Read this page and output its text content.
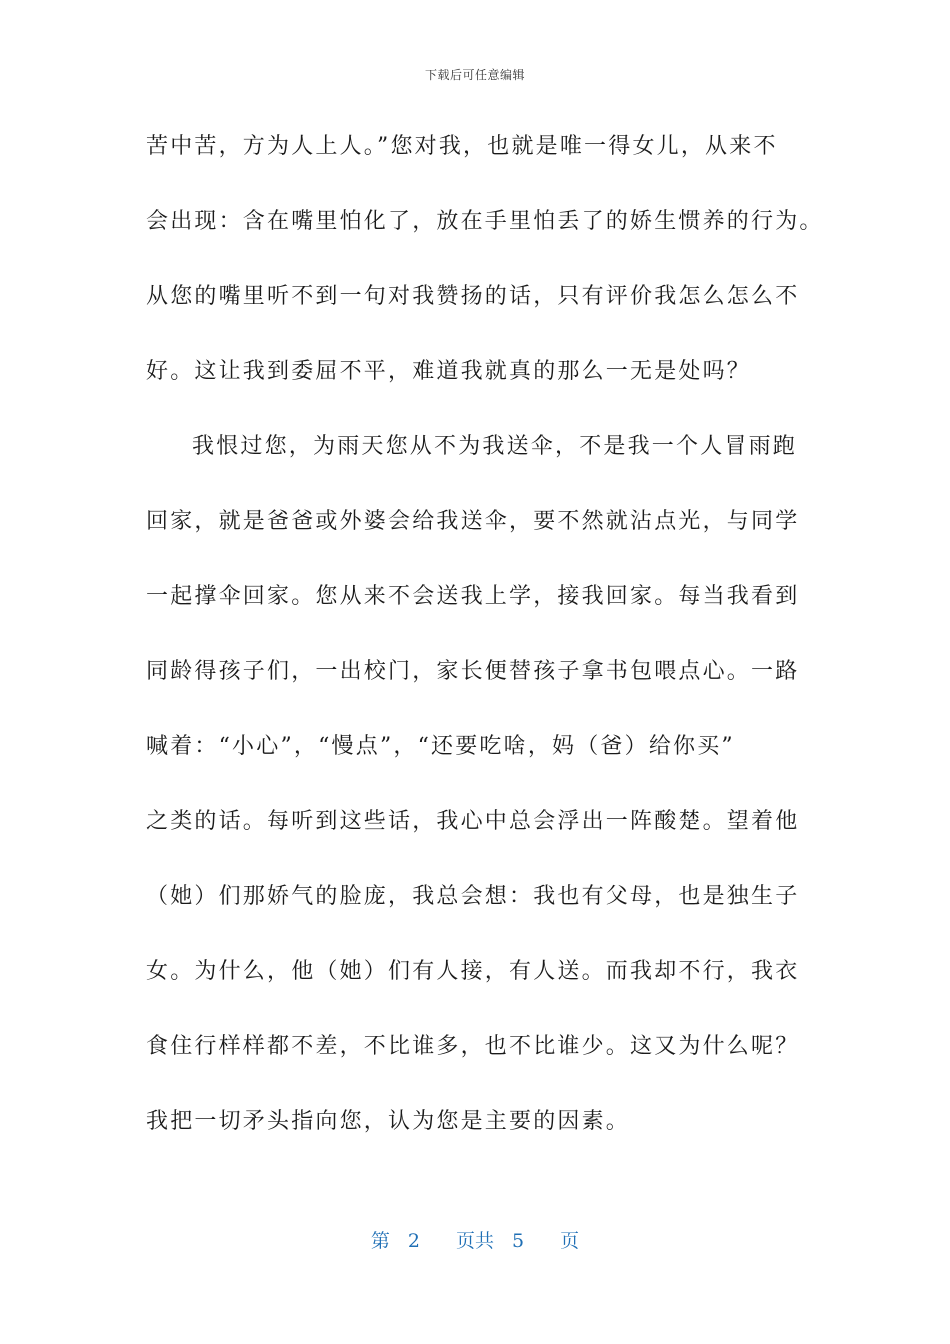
下载后可任意编辑
苦中苦，方为人上人。”您对我，也就是唯一得女儿，从来不
会出现：含在嘴里怕化了，放在手里怕丢了的娇生惯养的行为。
从您的嘴里听不到一句对我赞扬的话，只有评价我怎么怎么不
好。这让我到委屈不平，难道我就真的那么一无是处吗？
我恨过您，为雨天您从不为我送伞，不是我一个人冒雨跑
回家，就是爸爸或外婆会给我送伞，要不然就沾点光，与同学
一起撑伞回家。您从来不会送我上学，接我回家。每当我看到
同龄得孩子们，一出校门，家长便替孩子拿书包喂点心。一路
喊着：“小心”，“慢点”，“还要吃啥，妈（爸）给你买”
之类的话。每听到这些话，我心中总会浮出一阵酸楚。望着他
（她）们那娇气的脸庞，我总会想：我也有父母，也是独生子
女。为什么，他（她）们有人接，有人送。而我却不行，我衣
食住行样样都不差，不比谁多，也不比谁少。这又为什么呢？
我把一切矛头指向您，认为您是主要的因素。
第 2 页共 5 页
